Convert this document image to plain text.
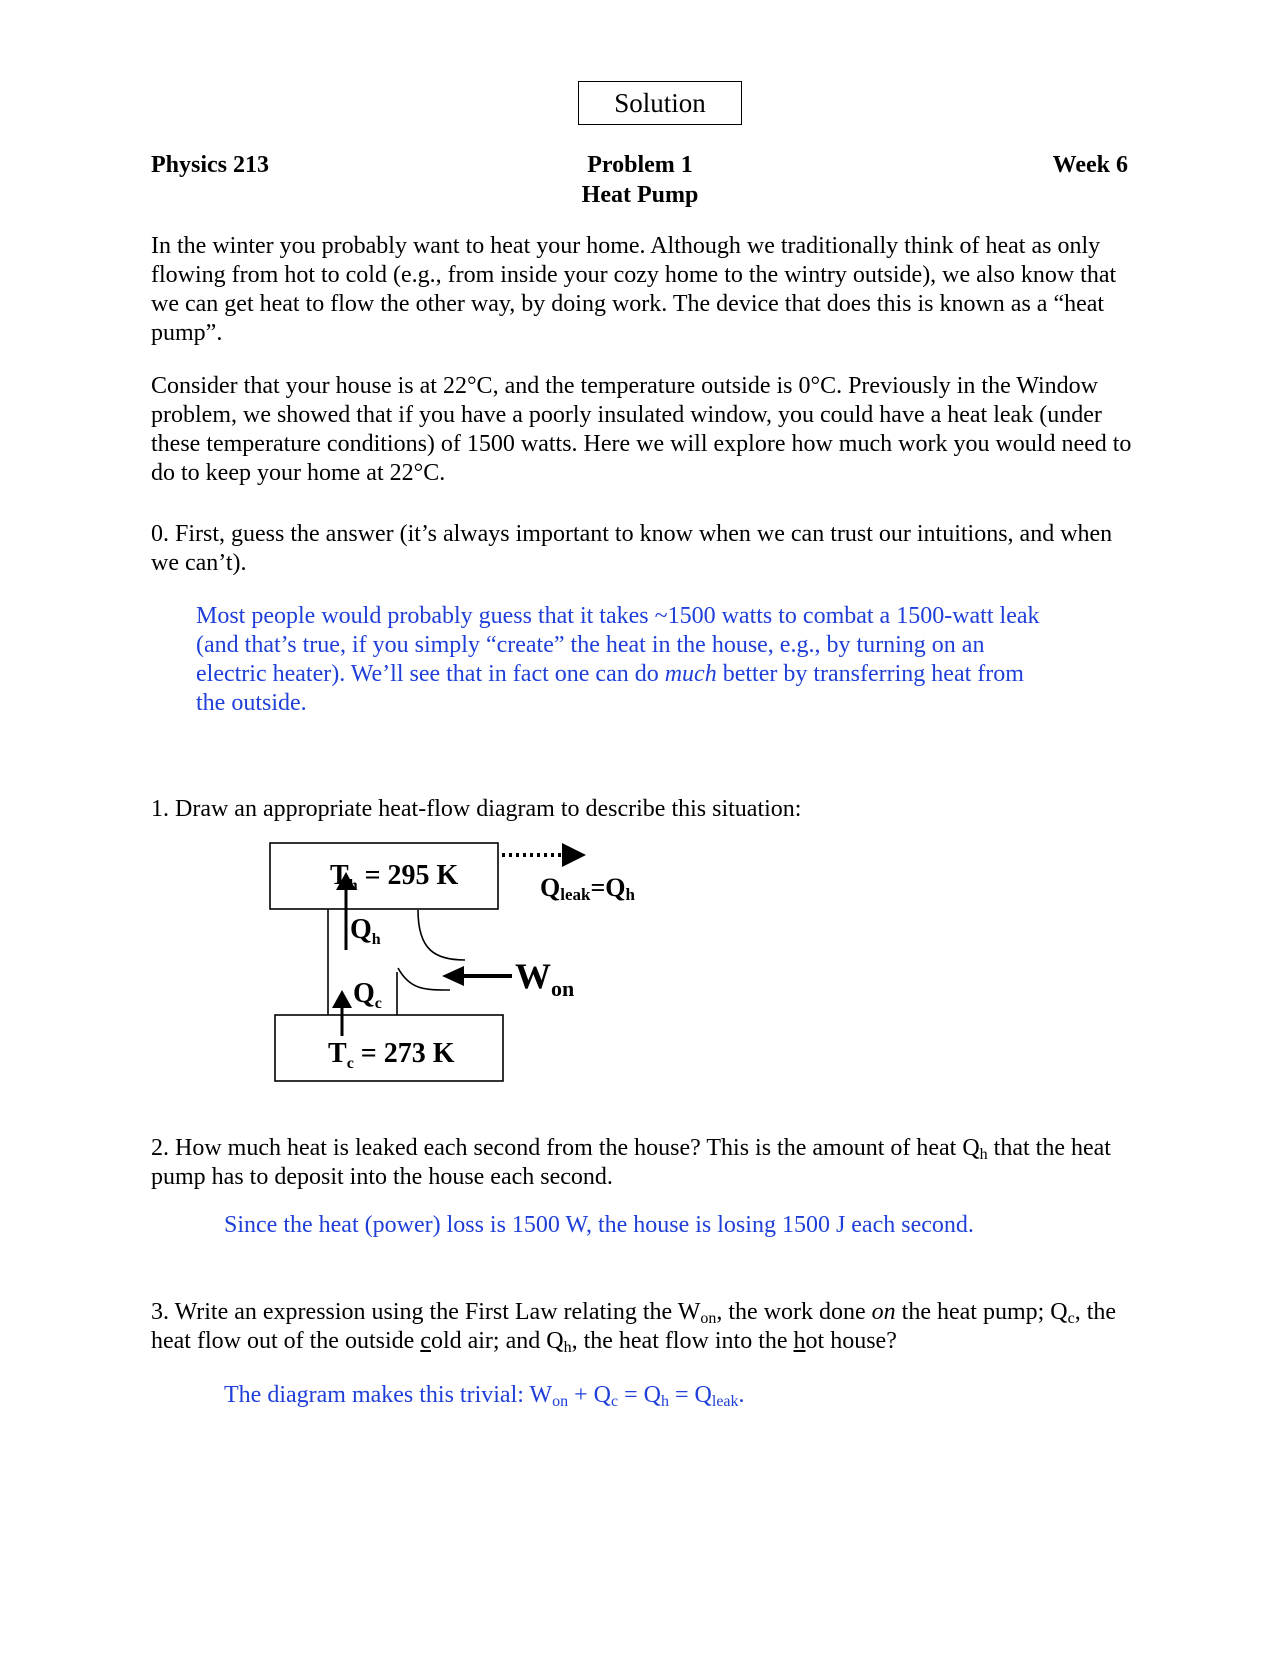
Solution
Physics 213	Problem 1
Heat Pump
Week 6
In the winter you probably want to heat your home. Although we traditionally think of heat as only flowing from hot to cold (e.g., from inside your cozy home to the wintry outside), we also know that we can get heat to flow the other way, by doing work. The device that does this is known as a “heat pump”.
Consider that your house is at 22°C, and the temperature outside is 0°C. Previously in the Window problem, we showed that if you have a poorly insulated window, you could have a heat leak (under these temperature conditions) of 1500 watts. Here we will explore how much work you would need to do to keep your home at 22°C.
0. First, guess the answer (it’s always important to know when we can trust our intuitions, and when we can’t).
Most people would probably guess that it takes ~1500 watts to combat a 1500-watt leak (and that’s true, if you simply “create” the heat in the house, e.g., by turning on an electric heater). We’ll see that in fact one can do much better by transferring heat from the outside.
1. Draw an appropriate heat-flow diagram to describe this situation:
$T_h = 295$ K
$T_c = 273$ K
$Q_h$
$Q_c$
Qleak=Qh
$W_{on}$
2. How much heat is leaked each second from the house? This is the amount of heat $Q_h$ that the heat pump has to deposit into the house each second.
Since the heat (power) loss is 1500 W, the house is losing 1500 J each second.
3. Write an expression using the First Law relating the $W_{on}$, the work done on the heat pump; $Q_c$, the heat flow out of the outside cold air; and $Q_h$, the heat flow into the hot house?
The diagram makes this trivial: $W_{on} + Q_c = Q_h = Q_{leak}$.
